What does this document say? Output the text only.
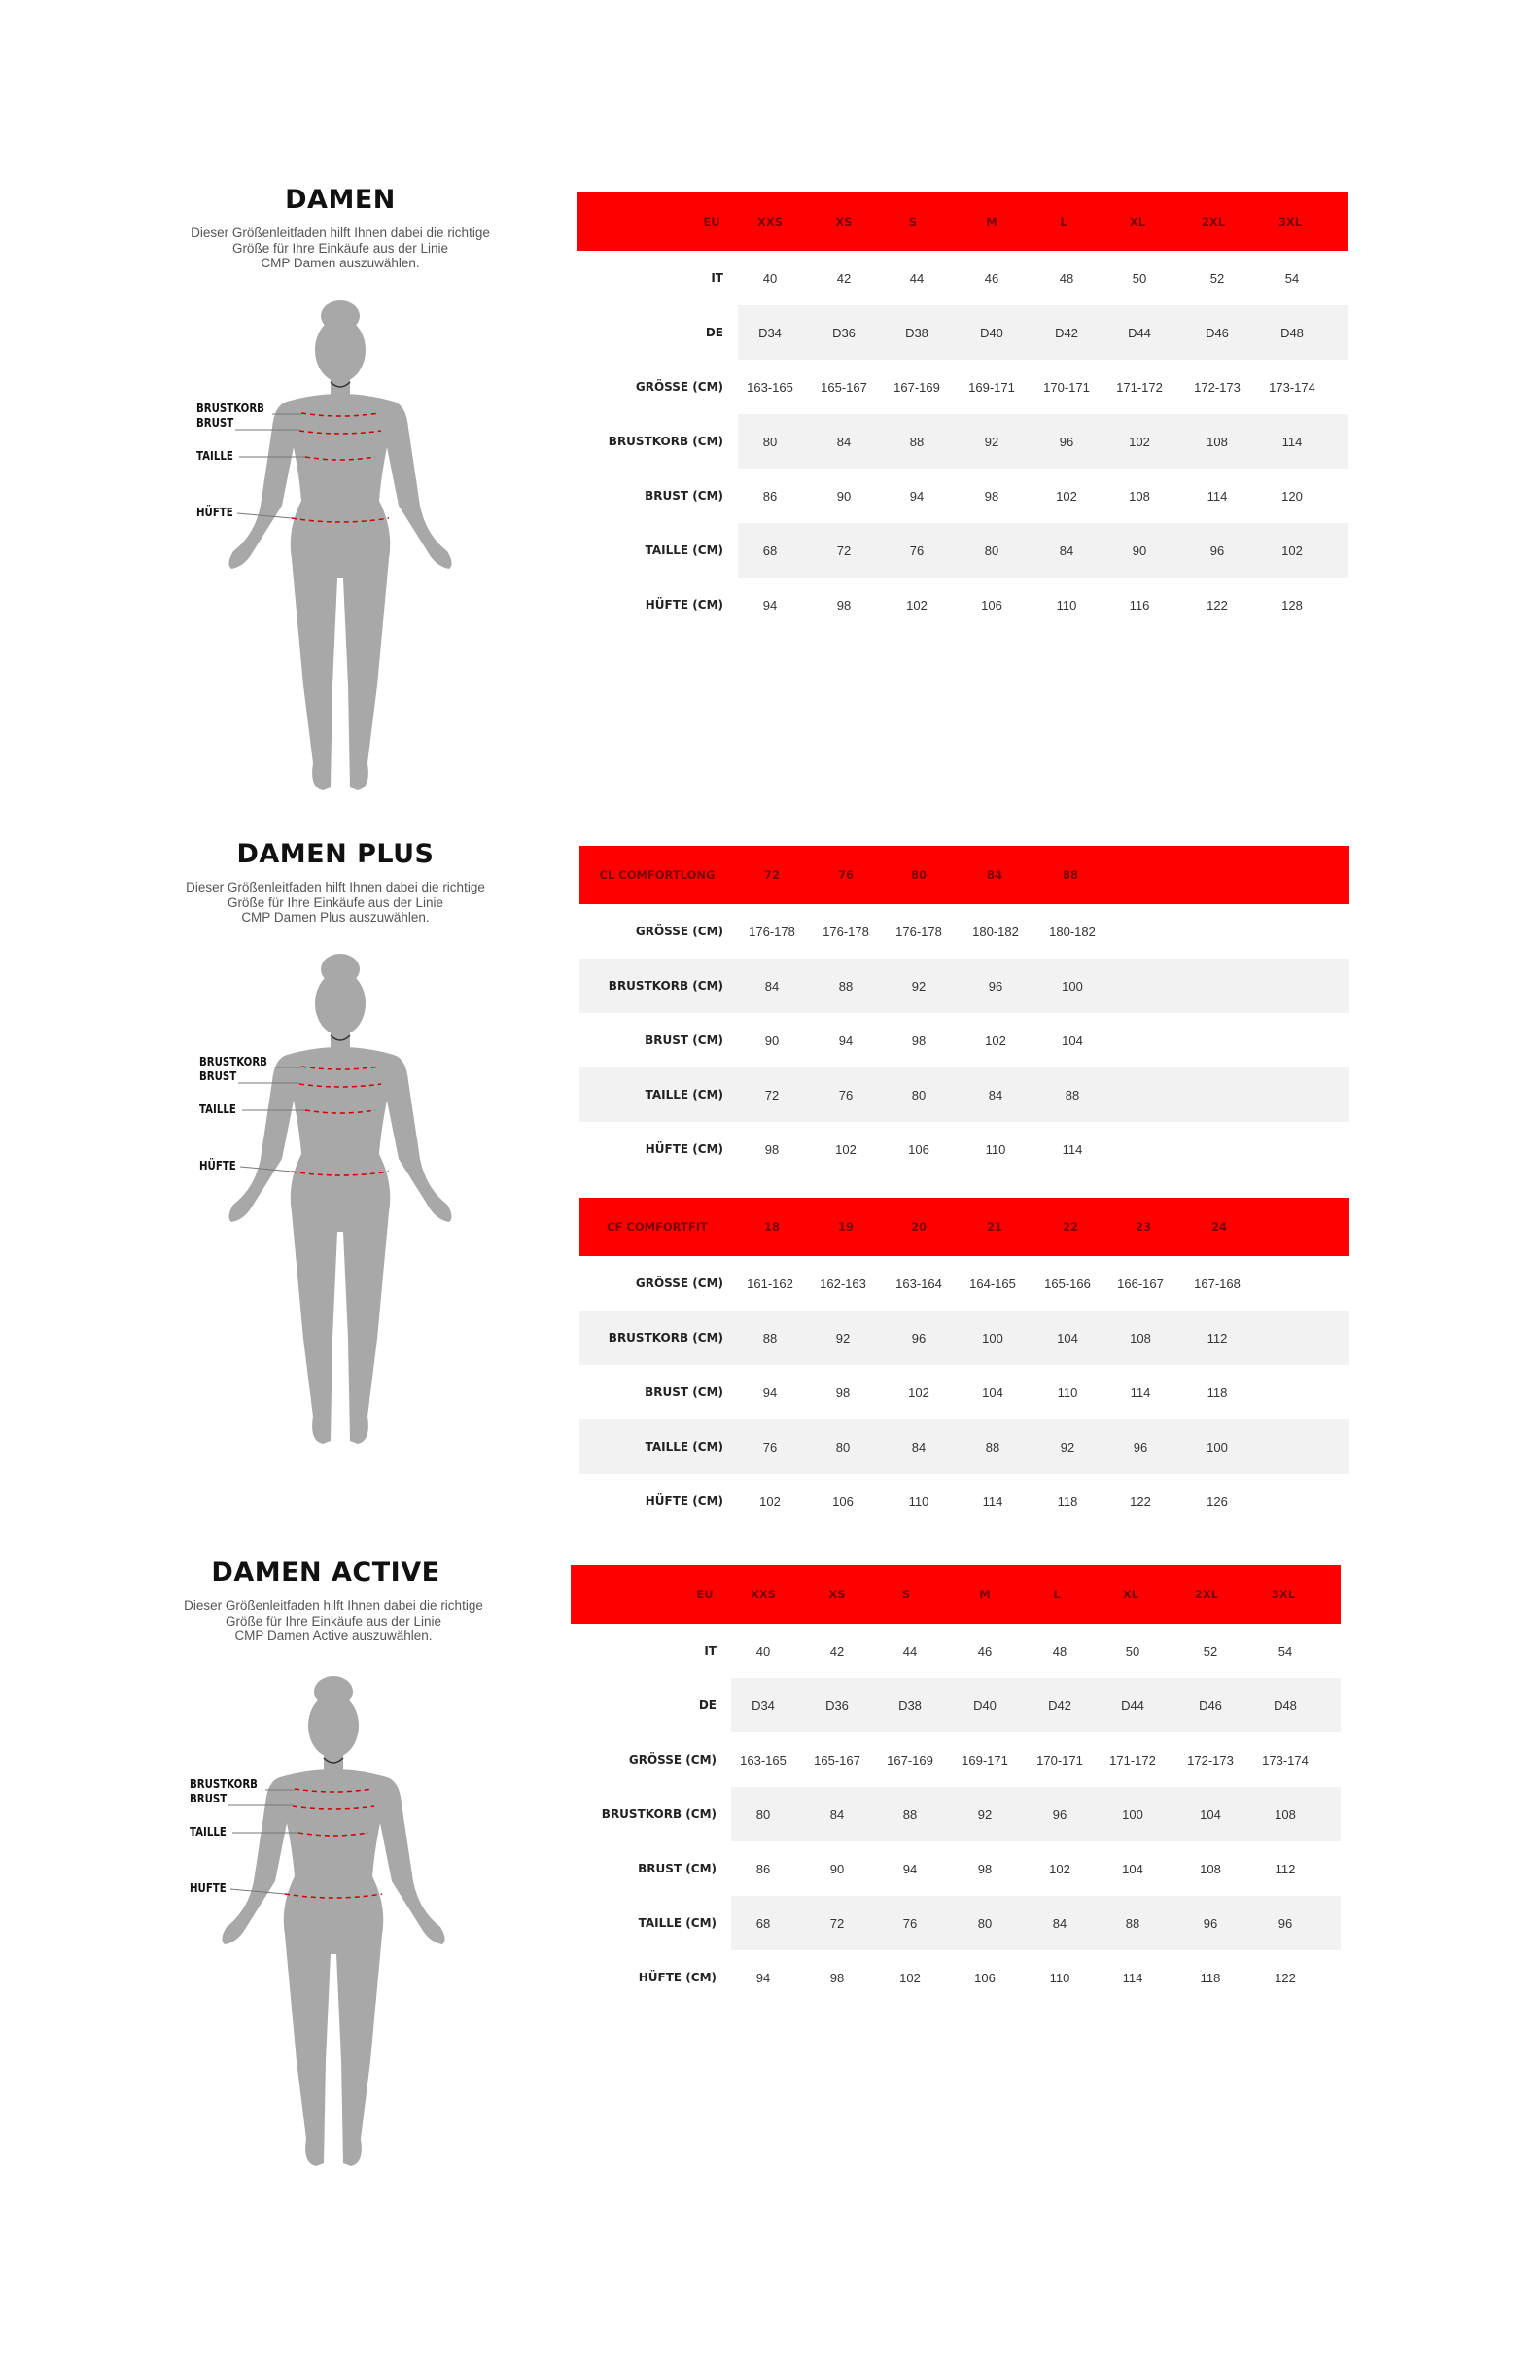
DAMEN
Dieser Größenleitfaden hilft Ihnen dabei die richtige
Größe für Ihre Einkäufe aus der Linie
CMP Damen auszuwählen.
BRUSTKORB
BRUST
TAILLE
HÜFTE
EU	XXS	XS	S	M	L	XL	2XL	3XL
IT	40	42	44	46	48	50	52	54
DE	D34	D36	D38	D40	D42	D44	D46	D48
GRÖSSE (CM)	163-165	165-167	167-169	169-171	170-171	171-172	172-173	173-174
BRUSTKORB (CM)	80	84	88	92	96	102	108	114
BRUST (CM)	86	90	94	98	102	108	114	120
TAILLE (CM)	68	72	76	80	84	90	96	102
HÜFTE (CM)	94	98	102	106	110	116	122	128
DAMEN PLUS
Dieser Größenleitfaden hilft Ihnen dabei die richtige
Größe für Ihre Einkäufe aus der Linie
CMP Damen Plus auszuwählen.
BRUSTKORB
BRUST
TAILLE
HÜFTE
CL COMFORTLONG	72	76	80	84	88
GRÖSSE (CM)	176-178	176-178	176-178	180-182	180-182
BRUSTKORB (CM)	84	88	92	96	100
BRUST (CM)	90	94	98	102	104
TAILLE (CM)	72	76	80	84	88
HÜFTE (CM)	98	102	106	110	114
CF COMFORTFIT	18	19	20	21	22	23	24
GRÖSSE (CM)	161-162	162-163	163-164	164-165	165-166	166-167	167-168
BRUSTKORB (CM)	88	92	96	100	104	108	112
BRUST (CM)	94	98	102	104	110	114	118
TAILLE (CM)	76	80	84	88	92	96	100
HÜFTE (CM)	102	106	110	114	118	122	126
DAMEN ACTIVE
Dieser Größenleitfaden hilft Ihnen dabei die richtige
Größe für Ihre Einkäufe aus der Linie
CMP Damen Active auszuwählen.
BRUSTKORB
BRUST
TAILLE
HUFTE
EU	XXS	XS	S	M	L	XL	2XL	3XL
IT	40	42	44	46	48	50	52	54
DE	D34	D36	D38	D40	D42	D44	D46	D48
GRÖSSE (CM)	163-165	165-167	167-169	169-171	170-171	171-172	172-173	173-174
BRUSTKORB (CM)	80	84	88	92	96	100	104	108
BRUST (CM)	86	90	94	98	102	104	108	112
TAILLE (CM)	68	72	76	80	84	88	96	96
HÜFTE (CM)	94	98	102	106	110	114	118	122
